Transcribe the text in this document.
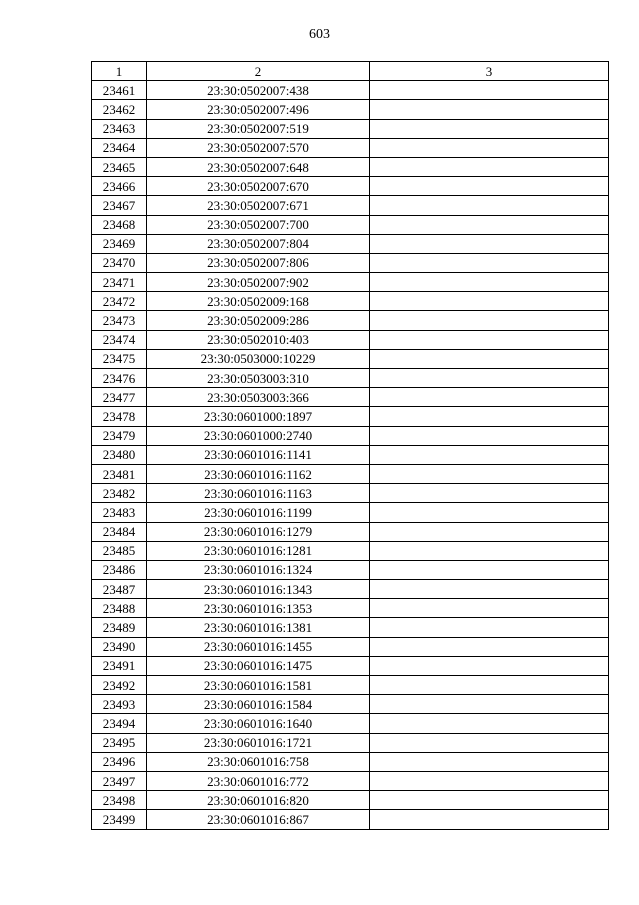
603
1	2	3
23461	23:30:0502007:438	
23462	23:30:0502007:496	
23463	23:30:0502007:519	
23464	23:30:0502007:570	
23465	23:30:0502007:648	
23466	23:30:0502007:670	
23467	23:30:0502007:671	
23468	23:30:0502007:700	
23469	23:30:0502007:804	
23470	23:30:0502007:806	
23471	23:30:0502007:902	
23472	23:30:0502009:168	
23473	23:30:0502009:286	
23474	23:30:0502010:403	
23475	23:30:0503000:10229	
23476	23:30:0503003:310	
23477	23:30:0503003:366	
23478	23:30:0601000:1897	
23479	23:30:0601000:2740	
23480	23:30:0601016:1141	
23481	23:30:0601016:1162	
23482	23:30:0601016:1163	
23483	23:30:0601016:1199	
23484	23:30:0601016:1279	
23485	23:30:0601016:1281	
23486	23:30:0601016:1324	
23487	23:30:0601016:1343	
23488	23:30:0601016:1353	
23489	23:30:0601016:1381	
23490	23:30:0601016:1455	
23491	23:30:0601016:1475	
23492	23:30:0601016:1581	
23493	23:30:0601016:1584	
23494	23:30:0601016:1640	
23495	23:30:0601016:1721	
23496	23:30:0601016:758	
23497	23:30:0601016:772	
23498	23:30:0601016:820	
23499	23:30:0601016:867	
